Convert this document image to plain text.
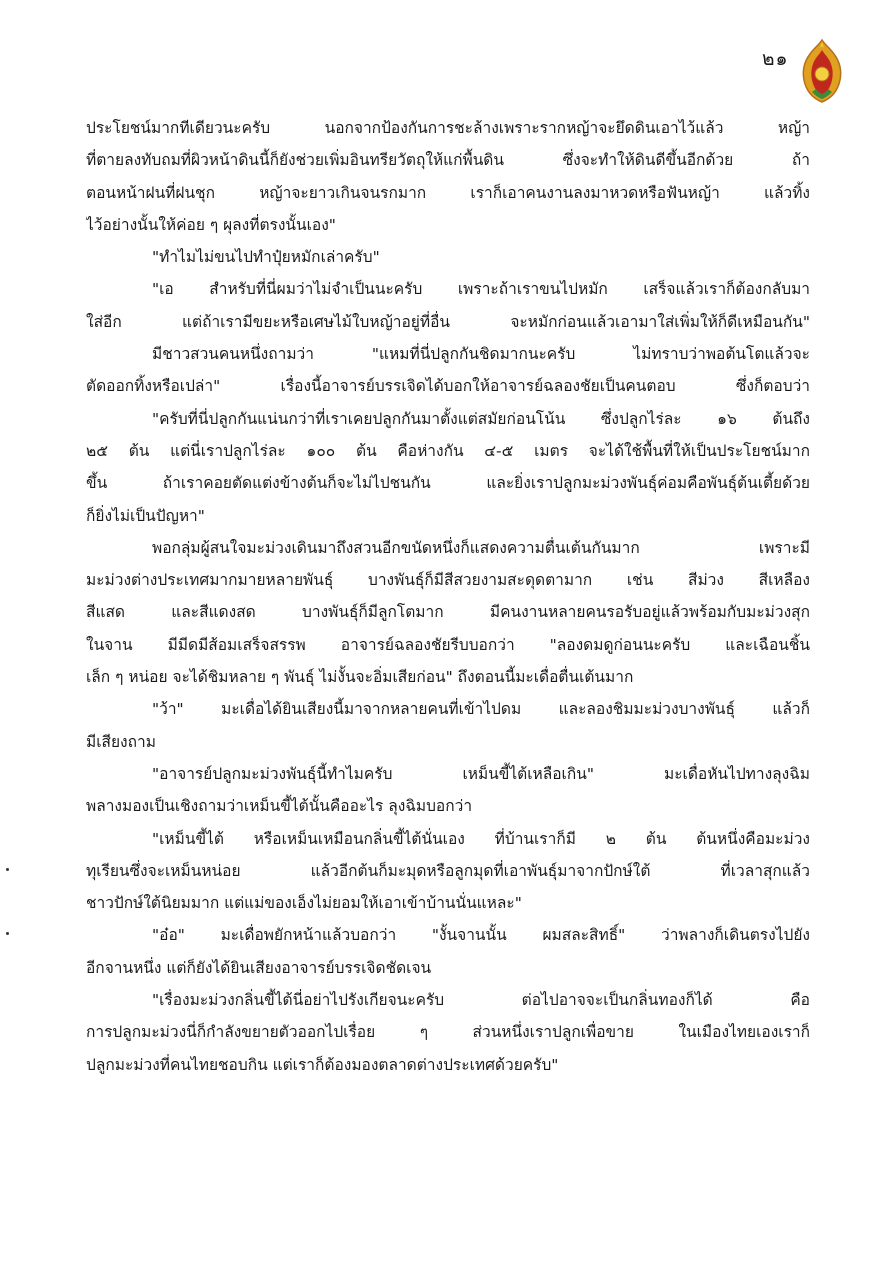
๒๑
ประโยชน์มากทีเดียวนะครับ นอกจากป้องกันการชะล้างเพราะรากหญ้าจะยึดดินเอาไว้แล้ว หญ้า
ที่ตายลงทับถมที่ผิวหน้าดินนี้ก็ยังช่วยเพิ่มอินทรียวัตถุให้แก่พื้นดิน ซึ่งจะทำให้ดินดีขึ้นอีกด้วย ถ้า
ตอนหน้าฝนที่ฝนชุก หญ้าจะยาวเกินจนรกมาก เราก็เอาคนงานลงมาหวดหรือฟันหญ้า แล้วทิ้ง
ไว้อย่างนั้นให้ค่อย ๆ ผุลงที่ตรงนั้นเอง"
"ทำไมไม่ขนไปทำปุ๋ยหมักเล่าครับ"
"เอ สำหรับที่นี่ผมว่าไม่จำเป็นนะครับ เพราะถ้าเราขนไปหมัก เสร็จแล้วเราก็ต้องกลับมา
ใส่อีก แต่ถ้าเรามีขยะหรือเศษไม้ใบหญ้าอยู่ที่อื่น จะหมักก่อนแล้วเอามาใส่เพิ่มให้ก็ดีเหมือนกัน"
มีชาวสวนคนหนึ่งถามว่า "แหมที่นี่ปลูกกันชิดมากนะครับ ไม่ทราบว่าพอต้นโตแล้วจะ
ตัดออกทิ้งหรือเปล่า" เรื่องนี้อาจารย์บรรเจิดได้บอกให้อาจารย์ฉลองชัยเป็นคนตอบ ซึ่งก็ตอบว่า
"ครับที่นี่ปลูกกันแน่นกว่าที่เราเคยปลูกกันมาตั้งแต่สมัยก่อนโน้น ซึ่งปลูกไร่ละ ๑๖ ต้นถึง
๒๕ ต้น แต่นี่เราปลูกไร่ละ ๑๐๐ ต้น คือห่างกัน ๔-๕ เมตร จะได้ใช้พื้นที่ให้เป็นประโยชน์มาก
ขึ้น ถ้าเราคอยตัดแต่งข้างต้นก็จะไม่ไปชนกัน และยิ่งเราปลูกมะม่วงพันธุ์ค่อมคือพันธุ์ต้นเตี้ยด้วย
ก็ยิ่งไม่เป็นปัญหา"
พอกลุ่มผู้สนใจมะม่วงเดินมาถึงสวนอีกขนัดหนึ่งก็แสดงความตื่นเต้นกันมาก เพราะมี
มะม่วงต่างประเทศมากมายหลายพันธุ์ บางพันธุ์ก็มีสีสวยงามสะดุดตามาก เช่น สีม่วง สีเหลือง
สีแสด และสีแดงสด บางพันธุ์ก็มีลูกโตมาก มีคนงานหลายคนรอรับอยู่แล้วพร้อมกับมะม่วงสุก
ในจาน มีมีดมีส้อมเสร็จสรรพ อาจารย์ฉลองชัยรีบบอกว่า "ลองดมดูก่อนนะครับ และเฉือนชิ้น
เล็ก ๆ หน่อย จะได้ชิมหลาย ๆ พันธุ์ ไม่งั้นจะอิ่มเสียก่อน" ถึงตอนนี้มะเดื่อตื่นเต้นมาก
"ว้า" มะเดื่อได้ยินเสียงนี้มาจากหลายคนที่เข้าไปดม และลองชิมมะม่วงบางพันธุ์ แล้วก็
มีเสียงถาม
"อาจารย์ปลูกมะม่วงพันธุ์นี้ทำไมครับ เหม็นขี้ไต้เหลือเกิน" มะเดื่อหันไปทางลุงฉิม
พลางมองเป็นเชิงถามว่าเหม็นขี้ไต้นั้นคืออะไร ลุงฉิมบอกว่า
"เหม็นขี้ไต้ หรือเหม็นเหมือนกลิ่นขี้ไต้นั่นเอง ที่บ้านเราก็มี ๒ ต้น ต้นหนึ่งคือมะม่วง
ทุเรียนซึ่งจะเหม็นหน่อย แล้วอีกต้นก็มะมุดหรือลูกมุดที่เอาพันธุ์มาจากปักษ์ใต้ ที่เวลาสุกแล้ว
ชาวปักษ์ใต้นิยมมาก แต่แม่ของเอ็งไม่ยอมให้เอาเข้าบ้านนั่นแหละ"
"อ๋อ" มะเดื่อพยักหน้าแล้วบอกว่า "งั้นจานนั้น ผมสละสิทธิ์" ว่าพลางก็เดินตรงไปยัง
อีกจานหนึ่ง แต่ก็ยังได้ยินเสียงอาจารย์บรรเจิดชัดเจน
"เรื่องมะม่วงกลิ่นขี้ไต้นี่อย่าไปรังเกียจนะครับ ต่อไปอาจจะเป็นกลิ่นทองก็ได้ คือ
การปลูกมะม่วงนี่ก็กำลังขยายตัวออกไปเรื่อย ๆ ส่วนหนึ่งเราปลูกเพื่อขาย ในเมืองไทยเองเราก็
ปลูกมะม่วงที่คนไทยชอบกิน แต่เราก็ต้องมองตลาดต่างประเทศด้วยครับ"
